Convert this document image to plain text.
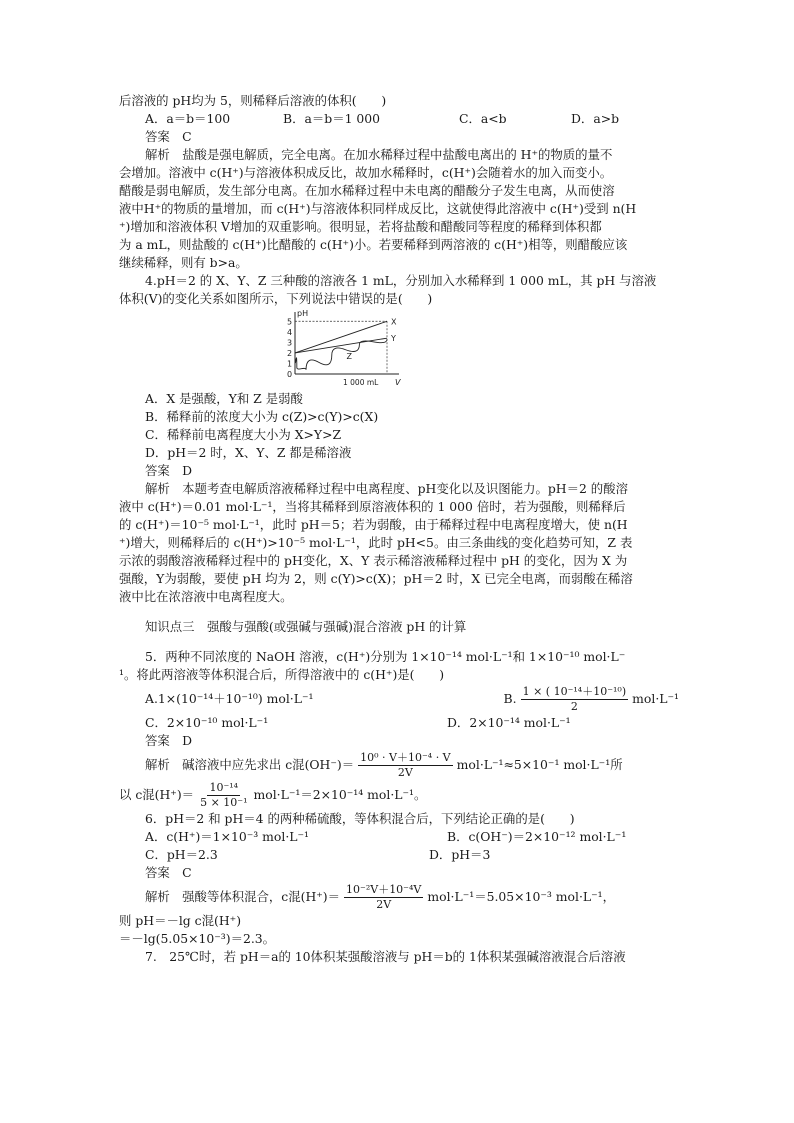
后溶液的 pH均为 5，则稀释后溶液的体积(　　)
A．a＝b＝100	B．a＝b＝1 000	C．a<b	D．a>b
答案　C
解析　盐酸是强电解质，完全电离。在加水稀释过程中盐酸电离出的 H⁺的物质的量不
会增加。溶液中 c(H⁺)与溶液体积成反比，故加水稀释时，c(H⁺)会随着水的加入而变小。
醋酸是弱电解质，发生部分电离。在加水稀释过程中未电离的醋酸分子发生电离，从而使溶
液中H⁺的物质的量增加，而 c(H⁺)与溶液体积同样成反比，这就使得此溶液中 c(H⁺)受到 n(H
⁺)增加和溶液体积 V增加的双重影响。很明显，若将盐酸和醋酸同等程度的稀释到体积都
为 a mL，则盐酸的 c(H⁺)比醋酸的 c(H⁺)小。若要稀释到两溶液的 c(H⁺)相等，则醋酸应该
继续稀释，则有 b>a。
4.pH＝2 的 X、Y、Z 三种酸的溶液各 1 mL，分别加入水稀释到 1 000 mL，其 pH 与溶液
体积(V)的变化关系如图所示，下列说法中错误的是(　　)
pH
0
1
2
3
4
5
1 000 mL V
X
Y
Z
A．X 是强酸，Y和 Z 是弱酸
B．稀释前的浓度大小为 c(Z)>c(Y)>c(X)
C．稀释前电离程度大小为 X>Y>Z
D．pH＝2 时，X、Y、Z 都是稀溶液
答案　D
解析　本题考查电解质溶液稀释过程中电离程度、pH变化以及识图能力。pH＝2 的酸溶
液中 c(H⁺)＝0.01 mol·L⁻¹，当将其稀释到原溶液体积的 1 000 倍时，若为强酸，则稀释后
的 c(H⁺)＝10⁻⁵ mol·L⁻¹，此时 pH＝5；若为弱酸，由于稀释过程中电离程度增大，使 n(H
⁺)增大，则稀释后的 c(H⁺)>10⁻⁵ mol·L⁻¹，此时 pH<5。由三条曲线的变化趋势可知，Z 表
示浓的弱酸溶液稀释过程中的 pH变化，X、Y 表示稀溶液稀释过程中 pH 的变化，因为 X 为
强酸，Y为弱酸，要使 pH 均为 2，则 c(Y)>c(X)；pH＝2 时，X 已完全电离，而弱酸在稀溶
液中比在浓溶液中电离程度大。
知识点三　强酸与强酸(或强碱与强碱)混合溶液 pH 的计算
5．两种不同浓度的 NaOH 溶液，c(H⁺)分别为 1×10⁻¹⁴ mol·L⁻¹和 1×10⁻¹⁰ mol·L⁻
¹。将此两溶液等体积混合后，所得溶液中的 c(H⁺)是(　　)
A.1×(10⁻¹⁴＋10⁻¹⁰) mol·L⁻¹	B. $\frac{\text{1 × ( 10⁻¹⁴＋10⁻¹⁰)}}{2} mol\cdot L^{-1}$
C．2×10⁻¹⁰ mol·L⁻¹	D．2×10⁻¹⁴ mol·L⁻¹
答案　D
解析　碱溶液中应先求出 c混$(OH^-)= \frac{\text{10⁰ · V＋10⁻⁴ · V}}{2V} mol\cdot L^{-1}\approx 5\times 10^{-1}$ mol·L⁻¹所
以 c混$(H^+)= \frac{\text{10⁻¹⁴}}{\text{5 × 10⁻¹}} mol\cdot L^{-1}=2\times 10^{-14}$ mol·L⁻¹。
6．pH＝2 和 pH＝4 的两种稀硫酸，等体积混合后，下列结论正确的是(　　)
A．c(H⁺)＝1×10⁻³ mol·L⁻¹	B．c(OH⁻)＝2×10⁻¹² mol·L⁻¹
C．pH＝2.3	D．pH＝3
答案　C
解析　强酸等体积混合，c混$(H^+)= \frac{\text{10⁻²V＋10⁻⁴V}}{2V} mol\cdot L^{-1}=5.05\times 10^{-3}$ mol·L⁻¹，
则 pH＝－lg c混(H⁺)
＝－lg(5.05×10⁻³)＝2.3。
7.　25℃时，若 pH＝a的 10体积某强酸溶液与 pH＝b的 1体积某强碱溶液混合后溶液
